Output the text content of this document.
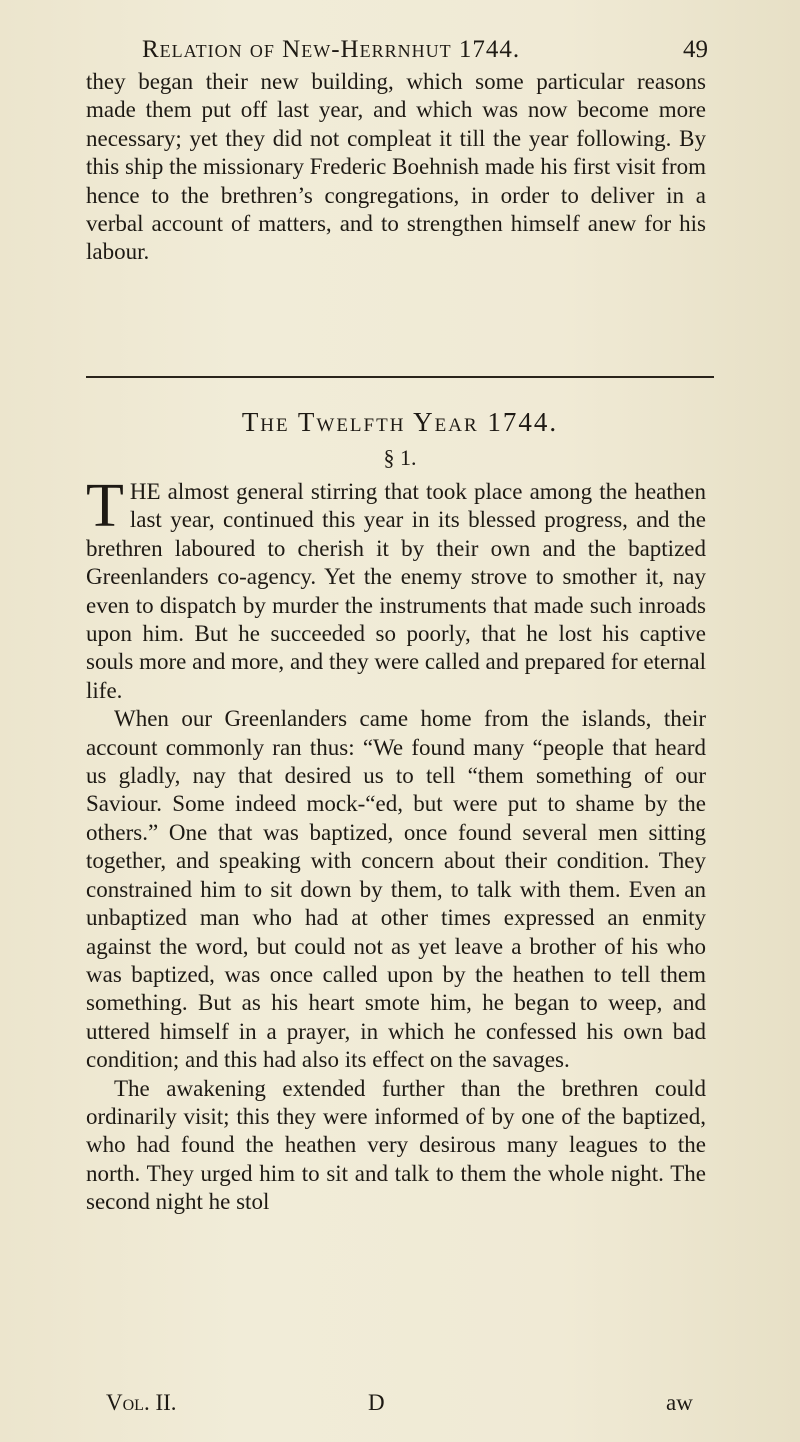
Relation of New-Herrnhut 1744.	49

they began their new building, which some particular reasons made them put off last year, and which was now become more necessary; yet they did not compleat it till the year following. By this ship the missionary Frederic Boehnish made his first visit from hence to the brethren’s congregations, in order to deliver in a verbal account of matters, and to strengthen himself anew for his labour.

The Twelfth Year 1744.
§ 1.

THE almost general stirring that took place among the heathen last year, continued this year in its blessed progress, and the brethren laboured to cherish it by their own and the baptized Greenlanders co-agency. Yet the enemy strove to smother it, nay even to dispatch by murder the instruments that made such inroads upon him. But he succeeded so poorly, that he lost his captive souls more and more, and they were called and prepared for eternal life.

When our Greenlanders came home from the islands, their account commonly ran thus: “We found many “people that heard us gladly, nay that desired us to tell “them something of our Saviour. Some indeed mock-“ed, but were put to shame by the others.” One that was baptized, once found several men sitting together, and speaking with concern about their condition. They constrained him to sit down by them, to talk with them. Even an unbaptized man who had at other times expressed an enmity against the word, but could not as yet leave a brother of his who was baptized, was once called upon by the heathen to tell them something. But as his heart smote him, he began to weep, and uttered himself in a prayer, in which he confessed his own bad condition; and this had also its effect on the savages.

The awakening extended further than the brethren could ordinarily visit; this they were informed of by one of the baptized, who had found the heathen very desirous many leagues to the north. They urged him to sit and talk to them the whole night. The second night he stol

Vol. II.	D	aw
